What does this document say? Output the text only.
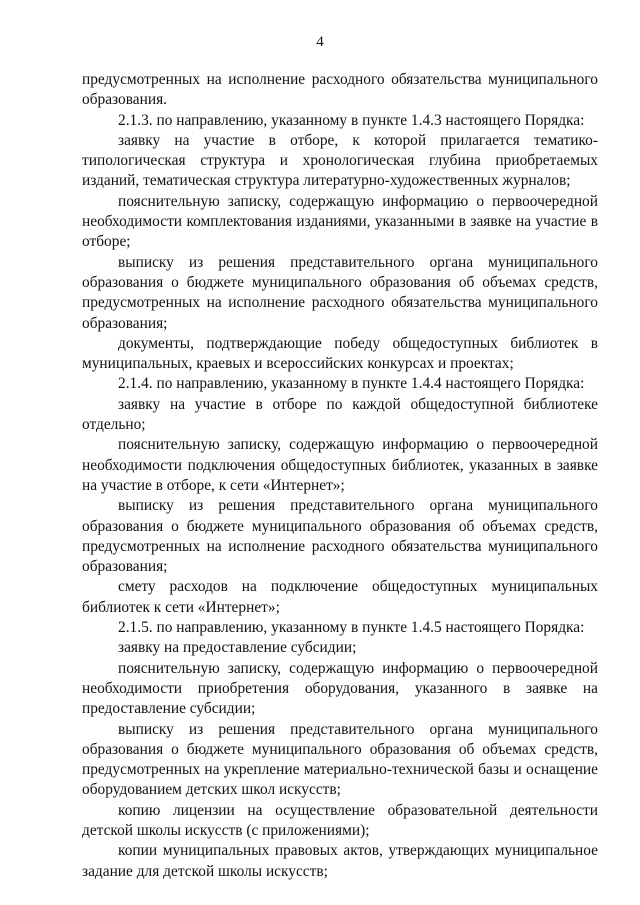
4

предусмотренных на исполнение расходного обязательства муниципального образования.

2.1.3. по направлению, указанному в пункте 1.4.3 настоящего Порядка:

заявку на участие в отборе, к которой прилагается тематико-типологическая структура и хронологическая глубина приобретаемых изданий, тематическая структура литературно-художественных журналов;

пояснительную записку, содержащую информацию о первоочередной необходимости комплектования изданиями, указанными в заявке на участие в отборе;

выписку из решения представительного органа муниципального образования о бюджете муниципального образования об объемах средств, предусмотренных на исполнение расходного обязательства муниципального образования;

документы, подтверждающие победу общедоступных библиотек в муниципальных, краевых и всероссийских конкурсах и проектах;

2.1.4. по направлению, указанному в пункте 1.4.4 настоящего Порядка:

заявку на участие в отборе по каждой общедоступной библиотеке отдельно;

пояснительную записку, содержащую информацию о первоочередной необходимости подключения общедоступных библиотек, указанных в заявке на участие в отборе, к сети «Интернет»;

выписку из решения представительного органа муниципального образования о бюджете муниципального образования об объемах средств, предусмотренных на исполнение расходного обязательства муниципального образования;

смету расходов на подключение общедоступных муниципальных библиотек к сети «Интернет»;

2.1.5. по направлению, указанному в пункте 1.4.5 настоящего Порядка:

заявку на предоставление субсидии;

пояснительную записку, содержащую информацию о первоочередной необходимости приобретения оборудования, указанного в заявке на предоставление субсидии;

выписку из решения представительного органа муниципального образования о бюджете муниципального образования об объемах средств, предусмотренных на укрепление материально-технической базы и оснащение оборудованием детских школ искусств;

копию лицензии на осуществление образовательной деятельности детской школы искусств (с приложениями);

копии муниципальных правовых актов, утверждающих муниципальное задание для детской школы искусств;
